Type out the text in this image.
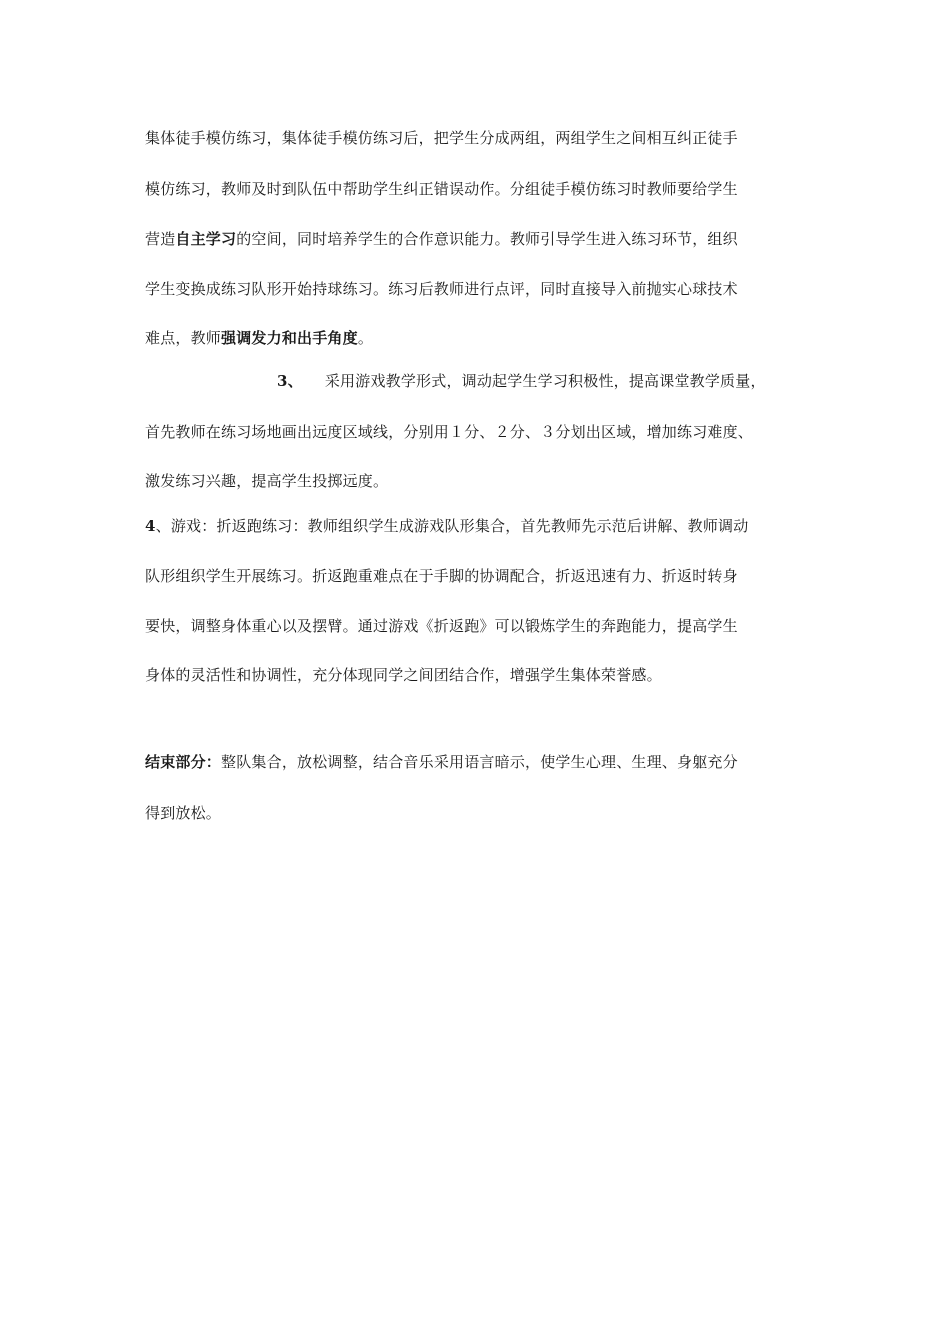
集体徒手模仿练习，集体徒手模仿练习后，把学生分成两组，两组学生之间相互纠正徒手
模仿练习，教师及时到队伍中帮助学生纠正错误动作。分组徒手模仿练习时教师要给学生
营造自主学习的空间，同时培养学生的合作意识能力。教师引导学生进入练习环节，组织
学生变换成练习队形开始持球练习。练习后教师进行点评，同时直接导入前抛实心球技术
难点，教师强调发力和出手角度。
3、 采用游戏教学形式，调动起学生学习积极性，提高课堂教学质量，
首先教师在练习场地画出远度区域线，分别用１分、２分、３分划出区域，增加练习难度、
激发练习兴趣，提高学生投掷远度。
4、游戏：折返跑练习：教师组织学生成游戏队形集合，首先教师先示范后讲解、教师调动
队形组织学生开展练习。折返跑重难点在于手脚的协调配合，折返迅速有力、折返时转身
要快，调整身体重心以及摆臂。通过游戏《折返跑》可以锻炼学生的奔跑能力，提高学生
身体的灵活性和协调性，充分体现同学之间团结合作，增强学生集体荣誉感。
结束部分：整队集合，放松调整，结合音乐采用语言暗示，使学生心理、生理、身躯充分
得到放松。
